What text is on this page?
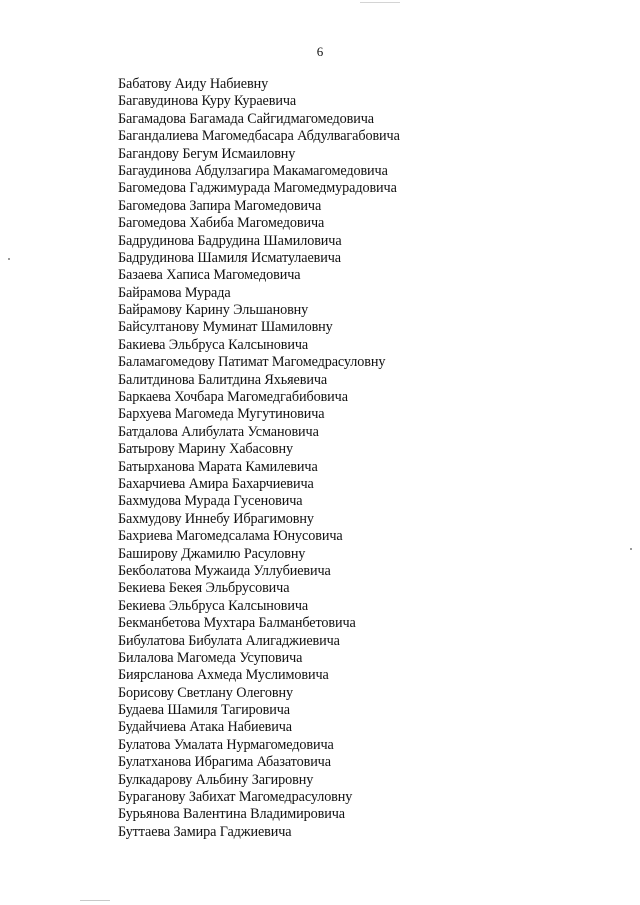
6
Бабатову Аиду Набиевну
Багавудинова Куру Кураевича
Багамадова Багамада Сайгидмагомедовича
Багандалиева Магомедбасара Абдулвагабовича
Багандову Бегум Исмаиловну
Багаудинова Абдулзагира Макамагомедовича
Багомедова Гаджимурада Магомедмурадовича
Багомедова Запира Магомедовича
Багомедова Хабиба Магомедовича
Бадрудинова Бадрудина Шамиловича
Бадрудинова Шамиля Исматулаевича
Базаева Хаписа Магомедовича
Байрамова Мурада
Байрамову Карину Эльшановну
Байсултанову Муминат Шамиловну
Бакиева Эльбруса Калсыновича
Баламагомедову Патимат Магомедрасуловну
Балитдинова Балитдина Яхьяевича
Баркаева Хочбара Магомедгабибовича
Бархуева Магомеда Мугутиновича
Батдалова Алибулата Усмановича
Батырову Марину Хабасовну
Батырханова Марата Камилевича
Бахарчиева Амира Бахарчиевича
Бахмудова Мурада Гусеновича
Бахмудову Иннебу Ибрагимовну
Бахриева Магомедсалама Юнусовича
Баширову Джамилю Расуловну
Бекболатова Мужаида Уллубиевича
Бекиева Бекея Эльбрусовича
Бекиева Эльбруса Калсыновича
Бекманбетова Мухтара Балманбетовича
Бибулатова Бибулата Алигаджиевича
Билалова Магомеда Усуповича
Биярсланова Ахмеда Муслимовича
Борисову Светлану Олеговну
Будаева Шамиля Тагировича
Будайчиева Атака Набиевича
Булатова Умалата Нурмагомедовича
Булатханова Ибрагима Абазатовича
Булкадарову Альбину Загировну
Бураганову Забихат Магомедрасуловну
Бурьянова Валентина Владимировича
Буттаева Замира Гаджиевича
